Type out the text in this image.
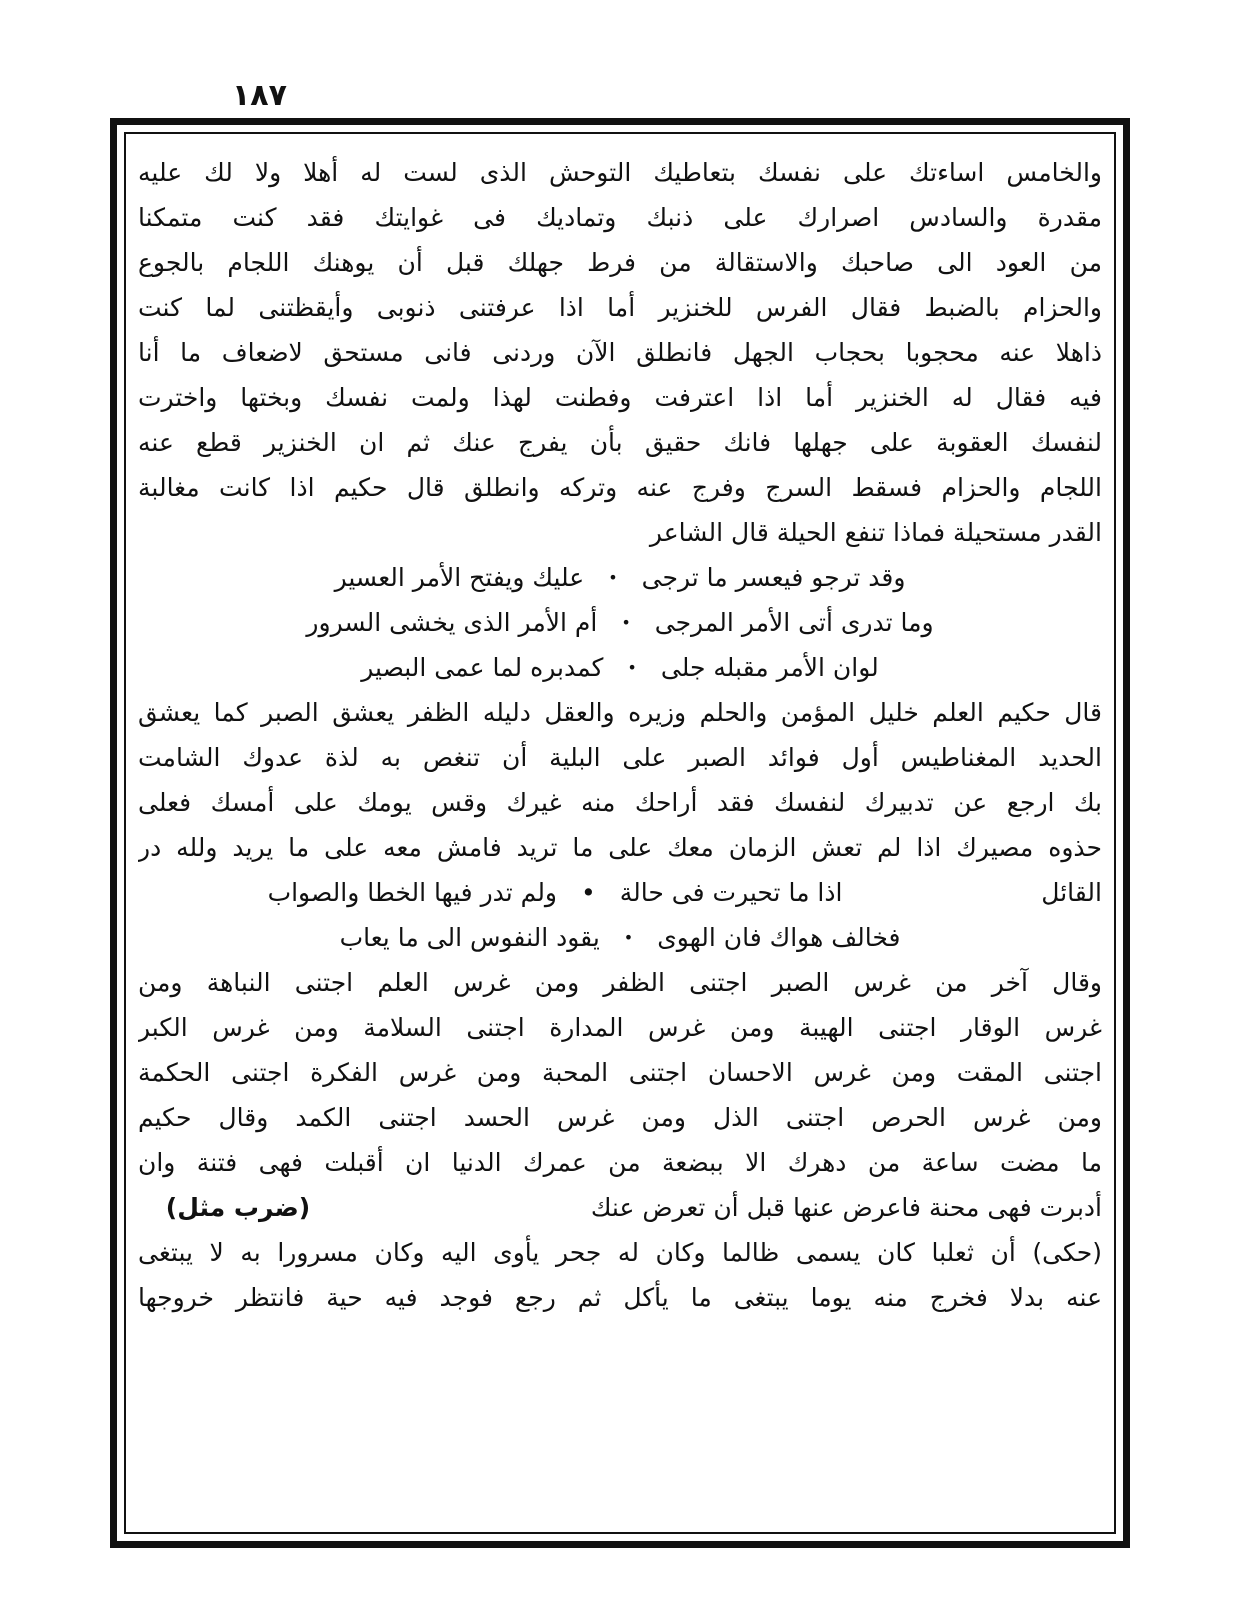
١٨٧
والخامس اساءتك على نفسك بتعاطيك التوحش الذى لست له أهلا ولا لك عليه
مقدرة والسادس اصرارك على ذنبك وتماديك فى غوايتك فقد كنت متمكنا
من العود الى صاحبك والاستقالة من فرط جهلك قبل أن يوهنك اللجام بالجوع
والحزام بالضبط فقال الفرس للخنزير أما اذا عرفتنى ذنوبى وأيقظتنى لما كنت
ذاهلا عنه محجوبا بحجاب الجهل فانطلق الآن وردنى فانى مستحق لاضعاف ما أنا
فيه فقال له الخنزير أما اذا اعترفت وفطنت لهذا ولمت نفسك وبختها واخترت
لنفسك العقوبة على جهلها فانك حقيق بأن يفرج عنك ثم ان الخنزير قطع عنه
اللجام والحزام فسقط السرج وفرج عنه وتركه وانطلق قال حكيم اذا كانت مغالبة
القدر مستحيلة فماذا تنفع الحيلة قال الشاعر
وقد ترجو فيعسر ما ترجى
•
عليك ويفتح الأمر العسير
وما تدرى أتى الأمر المرجى
•
أم الأمر الذى يخشى السرور
لوان الأمر مقبله جلى
•
كمدبره لما عمى البصير
قال حكيم العلم خليل المؤمن والحلم وزيره والعقل دليله الظفر يعشق الصبر كما يعشق
الحديد المغناطيس أول فوائد الصبر على البلية أن تنغص به لذة عدوك الشامت
بك ارجع عن تدبيرك لنفسك فقد أراحك منه غيرك وقس يومك على أمسك فعلى
حذوه مصيرك اذا لم تعش الزمان معك على ما تريد فامش معه على ما يريد ولله در
القائل
اذا ما تحيرت فى حالة
•
ولم تدر فيها الخطا والصواب
فخالف هواك فان الهوى
•
يقود النفوس الى ما يعاب
وقال آخر من غرس الصبر اجتنى الظفر ومن غرس العلم اجتنى النباهة ومن
غرس الوقار اجتنى الهيبة ومن غرس المدارة اجتنى السلامة ومن غرس الكبر
اجتنى المقت ومن غرس الاحسان اجتنى المحبة ومن غرس الفكرة اجتنى الحكمة
ومن غرس الحرص اجتنى الذل ومن غرس الحسد اجتنى الكمد وقال حكيم
ما مضت ساعة من دهرك الا ببضعة من عمرك الدنيا ان أقبلت فهى فتنة وان
أدبرت فهى محنة فاعرض عنها قبل أن تعرض عنك
(ضرب مثل)
(حكى) أن ثعلبا كان يسمى ظالما وكان له جحر يأوى اليه وكان مسرورا به لا يبتغى
عنه بدلا فخرج منه يوما يبتغى ما يأكل ثم رجع فوجد فيه حية فانتظر خروجها
